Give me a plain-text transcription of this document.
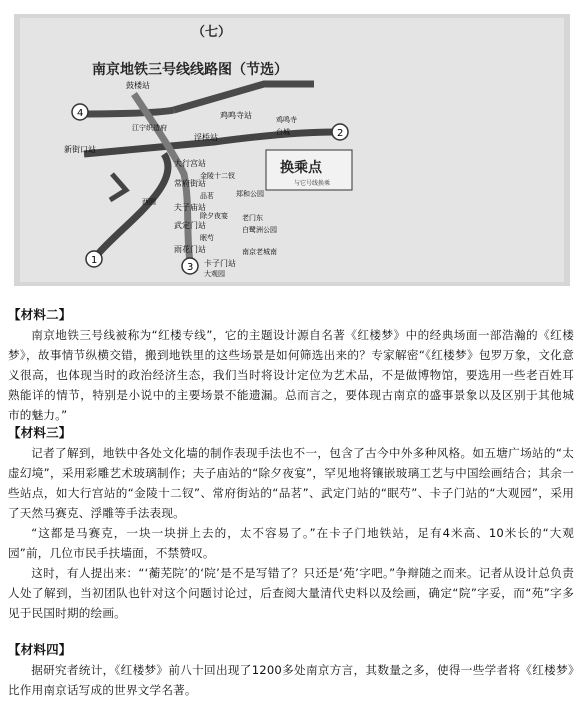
（七）
南京地铁三号线线路图（节选）
4
2
1
3
鼓楼站
鸡鸣寺站
浮桥站
新街口站
大行宫站
常府街站
夫子庙站
武定门站
雨花门站
卡子门站
江宁织造府
鸡鸣寺
台城
金陵十二钗
品茗	郑和公园
除夕夜宴 老门东
白鹭洲公园
眠芍
南京老城南
大观园
西园
换乘点
与它号线换乘
【材料二】

南京地铁三号线被称为“红楼专线”，它的主题设计源自名著《红楼梦》中的经典场面一部浩瀚的《红楼梦》，故事情节纵横交错，搬到地铁里的这些场景是如何筛选出来的？专家解密“《红楼梦》包罗万象，文化意义很高，也体现当时的政治经济生态，我们当时将设计定位为艺术品，不是做博物馆，要选用一些老百姓耳熟能详的情节，特别是小说中的主要场景不能遗漏。总而言之，要体现古南京的盛事景象以及区别于其他城市的魅力。”

【材料三】

记者了解到，地铁中各处文化墙的制作表现手法也不一，包含了古今中外多种风格。如五塘广场站的“太虚幻境”，采用彩雕艺术玻璃制作；夫子庙站的“除夕夜宴”，罕见地将镶嵌玻璃工艺与中国绘画结合；其余一些站点，如大行宫站的“金陵十二钗”、常府街站的“品茗”、武定门站的“眠芍”、卡子门站的“大观园”，采用了天然马赛克、浮雕等手法表现。

“这都是马赛克，一块一块拼上去的，太不容易了。”在卡子门地铁站，足有4米高、10米长的“大观园”前，几位市民手扶墙面，不禁赞叹。

这时，有人提出来：“‘蘅芜院’的‘院’是不是写错了？只还是‘苑’字吧。”争辩随之而来。记者从设计总负责人处了解到，当初团队也针对这个问题讨论过，后查阅大量清代史料以及绘画，确定“院”字妥，而“苑”字多见于民国时期的绘画。

【材料四】

据研究者统计，《红楼梦》前八十回出现了1200多处南京方言，其数量之多，使得一些学者将《红楼梦》比作用南京话写成的世界文学名著。
